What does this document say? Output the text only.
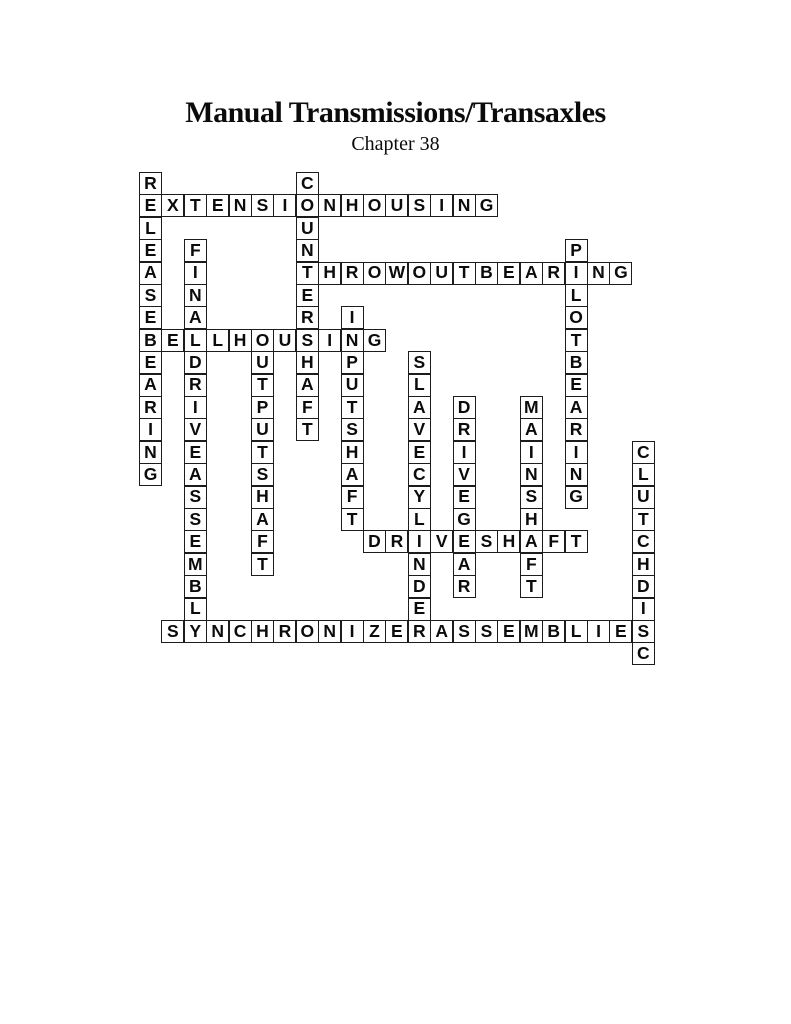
Manual Transmissions/Transaxles
Chapter 38
R
E
L
E
A
S
E
B
E
A
R
I
N
G
C
O
U
N
T
E
R
S
H
A
F
T
X T E N S I	N H O U S I N G
F
I
N
A
L
D
R
I
V
E
A
S
S
E
M
B
L
Y
P
I
L
O
T
B
E
A
R
I
N
G
H R O W O U T B E A R N G
I
N
P
U
T
S
H
A
F
T
E	L H O U	I	G
U
T
P
U
T
S
H
A
F
T
S
L
A
V
E
C
Y
L
I
N
D
E
R
D
R
I
V
E
G
E
A
R
M
A
I
N
S
H
A
F
T
C
L
U
T
C
H
D
I
S
C
D R	V	S H	F T
S	N C H R O N I Z E	A S S E M B L I E
